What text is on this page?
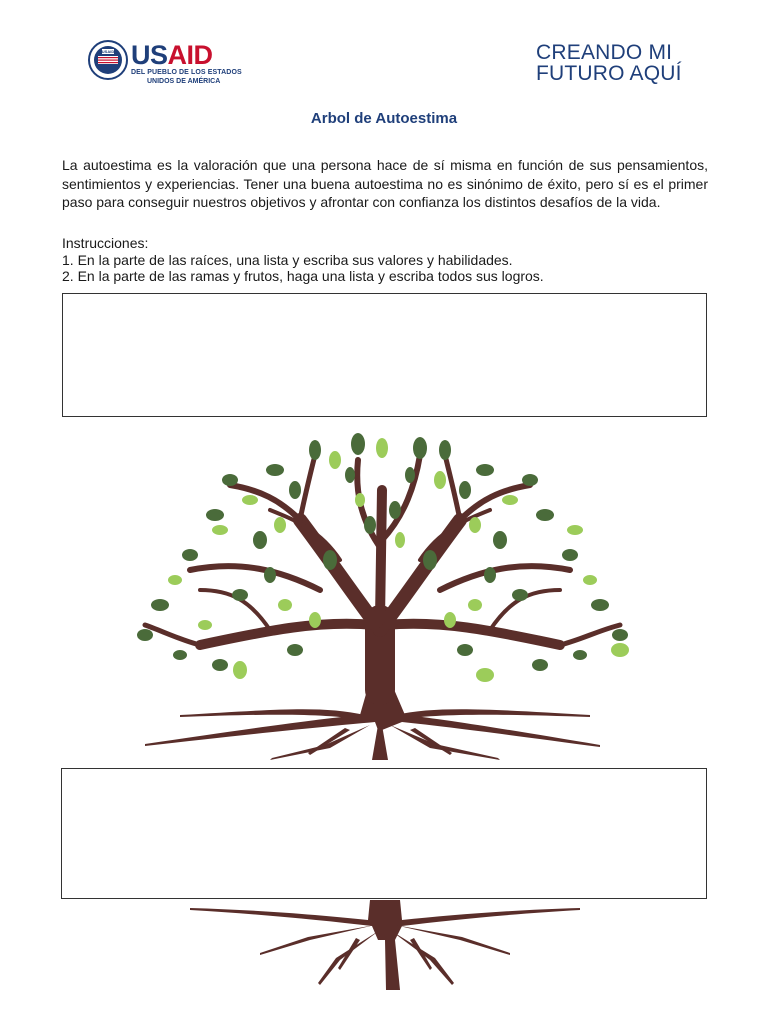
USAID USAID
DEL PUEBLO DE LOS ESTADOS
UNIDOS DE AMÉRICA
CREANDO MI
FUTURO AQUÍ
Arbol de Autoestima
La autoestima es la valoración que una persona hace de sí misma en función de sus pensamientos, sentimientos y experiencias. Tener una buena autoestima no es sinónimo de éxito, pero sí es el primer paso para conseguir nuestros objetivos y afrontar con confianza los distintos desafíos de la vida.
Instrucciones:
1. En la parte de las raíces, una lista y escriba sus valores y habilidades.
2. En la parte de las ramas y frutos, haga una lista y escriba todos sus logros.
